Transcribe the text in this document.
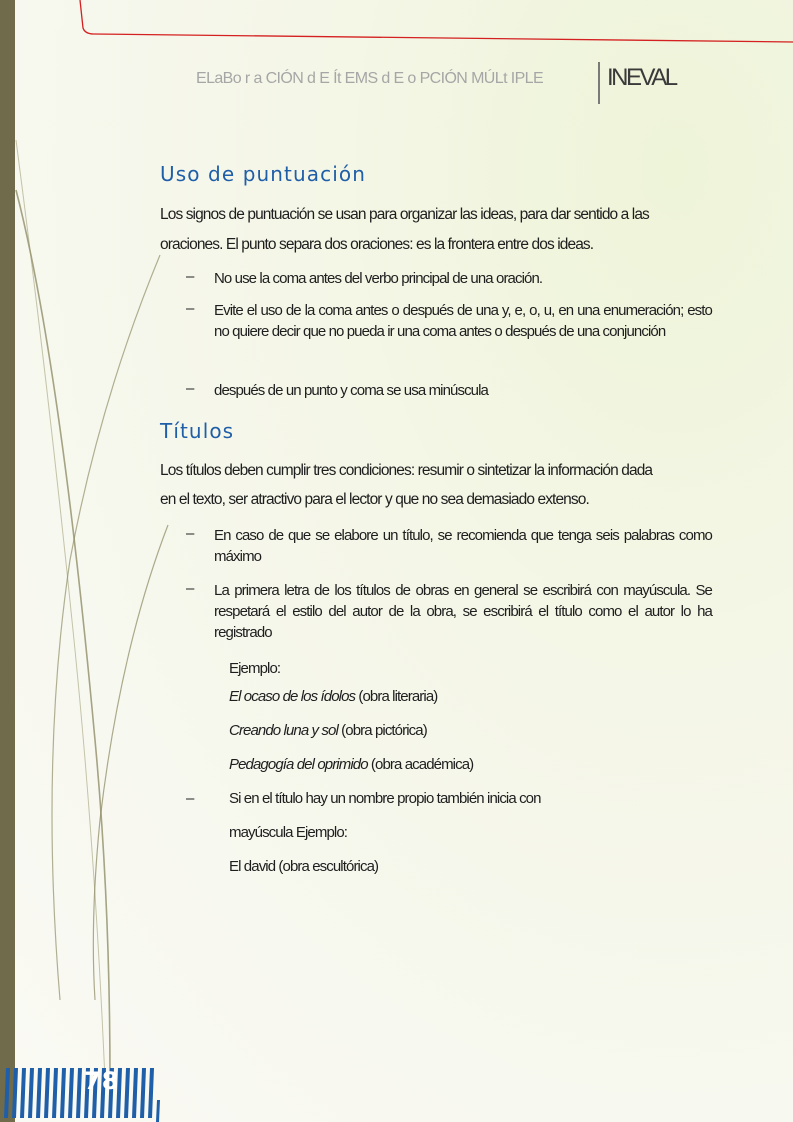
ELaBo r a CIÓN d E Ít EMS d E o PCIÓN MÚLt IPLE	INEVAL
Uso de puntuación
Los signos de puntuación se usan para organizar las ideas, para dar sentido a las
oraciones. El punto separa dos oraciones: es la frontera entre dos ideas.
– No use la coma antes del verbo principal de una oración.
– Evite el uso de la coma antes o después de una y, e, o, u, en una enumeración; esto no quiere decir que no pueda ir una coma antes o después de una conjunción
– después de un punto y coma se usa minúscula
Títulos
Los títulos deben cumplir tres condiciones: resumir o sintetizar la información dada
en el texto, ser atractivo para el lector y que no sea demasiado extenso.
– En caso de que se elabore un título, se recomienda que tenga seis palabras como máximo
– La primera letra de los títulos de obras en general se escribirá con mayúscula. Se respetará el estilo del autor de la obra, se escribirá el título como el autor lo ha registrado
Ejemplo:
El ocaso de los ídolos (obra literaria)
Creando luna y sol (obra pictórica)
Pedagogía del oprimido (obra académica)
– Si en el título hay un nombre propio también inicia con
mayúscula Ejemplo:
El david (obra escultórica)
78
